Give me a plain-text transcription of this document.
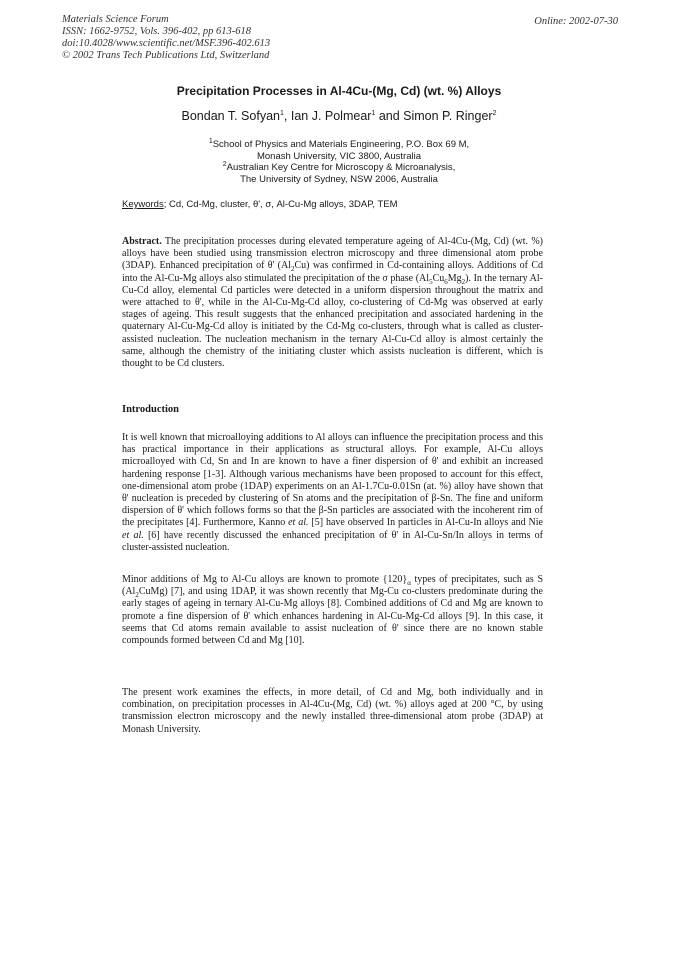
Materials Science Forum
ISSN: 1662-9752, Vols. 396-402, pp 613-618
doi:10.4028/www.scientific.net/MSF.396-402.613
© 2002 Trans Tech Publications Ltd, Switzerland
Online: 2002-07-30
Precipitation Processes in Al-4Cu-(Mg, Cd) (wt. %) Alloys
Bondan T. Sofyan$^1$, Ian J. Polmear$^1$ and Simon P. Ringer$^2$
$^1$School of Physics and Materials Engineering, P.O. Box 69 M,
Monash University, VIC 3800, Australia
$^2$Australian Key Centre for Microscopy & Microanalysis,
The University of Sydney, NSW 2006, Australia
Keywords; Cd, Cd-Mg, cluster, θ', σ, Al-Cu-Mg alloys, 3DAP, TEM

Abstract. The precipitation processes during elevated temperature ageing of Al-4Cu-(Mg, Cd) (wt. %) alloys have been studied using transmission electron microscopy and three dimensional atom probe (3DAP). Enhanced precipitation of θ' $(Al_2Cu)$ was confirmed in Cd-containing alloys. Additions of Cd into the Al-Cu-Mg alloys also stimulated the precipitation of the σ phase $(Al_5Cu_6Mg_2)$. In the ternary Al-Cu-Cd alloy, elemental Cd particles were detected in a uniform dispersion throughout the matrix and were attached to θ', while in the Al-Cu-Mg-Cd alloy, co-clustering of Cd-Mg was observed at early stages of ageing. This result suggests that the enhanced precipitation and associated hardening in the quaternary Al-Cu-Mg-Cd alloy is initiated by the Cd-Mg co-clusters, through what is called as cluster-assisted nucleation. The nucleation mechanism in the ternary Al-Cu-Cd alloy is almost certainly the same, although the chemistry of the initiating cluster which assists nucleation is different, which is thought to be Cd clusters.

Introduction

It is well known that microalloying additions to Al alloys can influence the precipitation process and this has practical importance in their applications as structural alloys. For example, Al-Cu alloys microalloyed with Cd, Sn and In are known to have a finer dispersion of θ' and exhibit an increased hardening response [1-3]. Although various mechanisms have been proposed to account for this effect, one-dimensional atom probe (1DAP) experiments on an Al-1.7Cu-0.01Sn (at. %) alloy have shown that θ' nucleation is preceded by clustering of Sn atoms and the precipitation of β-Sn. The fine and uniform dispersion of θ' which follows forms so that the β-Sn particles are associated with the incoherent rim of the precipitates [4]. Furthermore, Kanno et al. [5] have observed In particles in Al-Cu-In alloys and Nie et al. [6] have recently discussed the enhanced precipitation of θ' in Al-Cu-Sn/In alloys in terms of cluster-assisted nucleation.

Minor additions of Mg to Al-Cu alloys are known to promote $\{120\}_\alpha$ types of precipitates, such as S $(Al_2CuMg)$ [7], and using 1DAP, it was shown recently that Mg-Cu co-clusters predominate during the early stages of ageing in ternary Al-Cu-Mg alloys [8]. Combined additions of Cd and Mg are known to promote a fine dispersion of θ' which enhances hardening in Al-Cu-Mg-Cd alloys [9]. In this case, it seems that Cd atoms remain available to assist nucleation of θ' since there are no known stable compounds formed between Cd and Mg [10].

The present work examines the effects, in more detail, of Cd and Mg, both individually and in combination, on precipitation processes in Al-4Cu-(Mg, Cd) (wt. %) alloys aged at 200 °C, by using transmission electron microscopy and the newly installed three-dimensional atom probe (3DAP) at Monash University.
